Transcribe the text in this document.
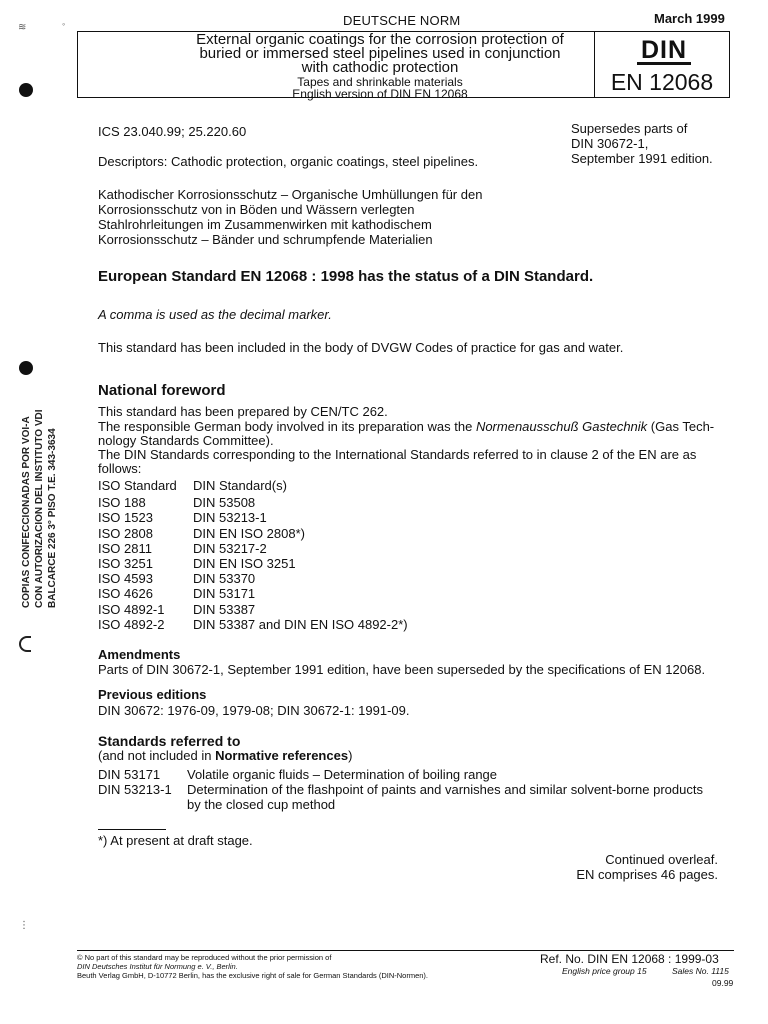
DEUTSCHE NORM	March 1999
External organic coatings for the corrosion protection of
buried or immersed steel pipelines used in conjunction
with cathodic protection
Tapes and shrinkable materials
English version of DIN EN 12068
DIN
EN 12068
≋	◦
⋮
COPIAS CONFECCIONADAS POR VOI-A CON AUTORIZACION DEL INSTITUTO VDI BALCARCE 226 3° PISO T.E. 343-3634
ICS 23.040.99; 25.220.60	Supersedes parts of
DIN 30672-1,
September 1991 edition.
Descriptors: Cathodic protection, organic coatings, steel pipelines.
Kathodischer Korrosionsschutz – Organische Umhüllungen für den
Korrosionsschutz von in Böden und Wässern verlegten
Stahlrohrleitungen im Zusammenwirken mit kathodischem
Korrosionsschutz – Bänder und schrumpfende Materialien
European Standard EN 12068 : 1998 has the status of a DIN Standard.
A comma is used as the decimal marker.
This standard has been included in the body of DVGW Codes of practice for gas and water.
National foreword
This standard has been prepared by CEN/TC 262.
The responsible German body involved in its preparation was the Normenausschuß Gastechnik (Gas Tech-
nology Standards Committee).
The DIN Standards corresponding to the International Standards referred to in clause 2 of the EN are as
follows:
ISO Standard DIN Standard(s)
ISO 188	DIN 53508
ISO 1523	DIN 53213-1
ISO 2808	DIN EN ISO 2808*)
ISO 2811	DIN 53217-2
ISO 3251	DIN EN ISO 3251
ISO 4593	DIN 53370
ISO 4626	DIN 53171
ISO 4892-1 DIN 53387
ISO 4892-2 DIN 53387 and DIN EN ISO 4892-2*)
Amendments
Parts of DIN 30672-1, September 1991 edition, have been superseded by the specifications of EN 12068.
Previous editions
DIN 30672: 1976-09, 1979-08; DIN 30672-1: 1991-09.
Standards referred to
(and not included in Normative references)
DIN 53171 Volatile organic fluids – Determination of boiling range
DIN 53213-1 Determination of the flashpoint of paints and varnishes and similar solvent-borne products
by the closed cup method
*) At present at draft stage.
Continued overleaf.
EN comprises 46 pages.
© No part of this standard may be reproduced without the prior permission of
DIN Deutsches Institut für Normung e. V., Berlin.
Beuth Verlag GmbH, D-10772 Berlin, has the exclusive right of sale for German Standards (DIN-Normen).
Ref. No. DIN EN 12068 : 1999-03
English price group 15	Sales No. 1115
09.99
